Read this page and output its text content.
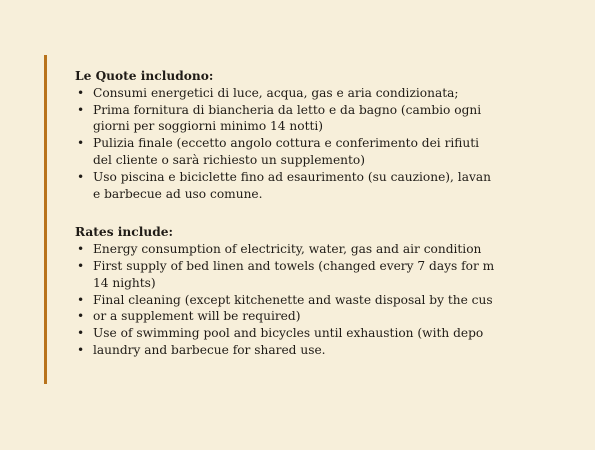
Le Quote includono:

• Consumi energetici di luce, acqua, gas e aria condizionata;
• Prima fornitura di biancheria da letto e da bagno (cambio ogni
giorni per soggiorni minimo 14 notti)
• Pulizia finale (eccetto angolo cottura e conferimento dei rifiuti
del cliente o sarà richiesto un supplemento)
• Uso piscina e biciclette fino ad esaurimento (su cauzione), lavan
e barbecue ad uso comune.

Rates include:

• Energy consumption of electricity, water, gas and air condition
• First supply of bed linen and towels (changed every 7 days for m
14 nights)
• Final cleaning (except kitchenette and waste disposal by the cus
• or a supplement will be required)
• Use of swimming pool and bicycles until exhaustion (with depo
• laundry and barbecue for shared use.
